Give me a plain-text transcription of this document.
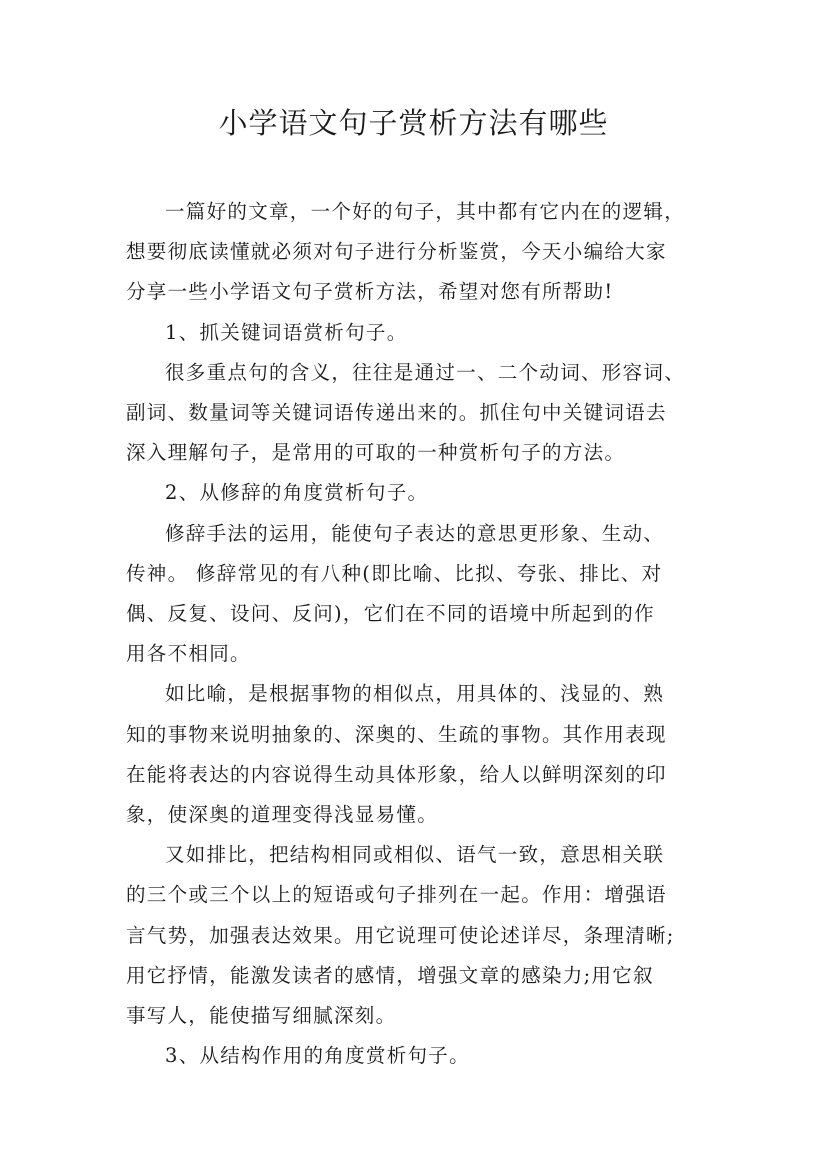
小学语文句子赏析方法有哪些

一篇好的文章，一个好的句子，其中都有它内在的逻辑，
想要彻底读懂就必须对句子进行分析鉴赏，今天小编给大家
分享一些小学语文句子赏析方法，希望对您有所帮助!

1、抓关键词语赏析句子。

很多重点句的含义，往往是通过一、二个动词、形容词、
副词、数量词等关键词语传递出来的。抓住句中关键词语去
深入理解句子，是常用的可取的一种赏析句子的方法。

2、从修辞的角度赏析句子。

修辞手法的运用，能使句子表达的意思更形象、生动、
传神。 修辞常见的有八种(即比喻、比拟、夸张、排比、对
偶、反复、设问、反问)，它们在不同的语境中所起到的作
用各不相同。

如比喻，是根据事物的相似点，用具体的、浅显的、熟
知的事物来说明抽象的、深奥的、生疏的事物。其作用表现
在能将表达的内容说得生动具体形象，给人以鲜明深刻的印
象，使深奥的道理变得浅显易懂。

又如排比，把结构相同或相似、语气一致，意思相关联
的三个或三个以上的短语或句子排列在一起。作用：增强语
言气势，加强表达效果。用它说理可使论述详尽，条理清晰;
用它抒情，能激发读者的感情，增强文章的感染力;用它叙
事写人，能使描写细腻深刻。

3、从结构作用的角度赏析句子。
